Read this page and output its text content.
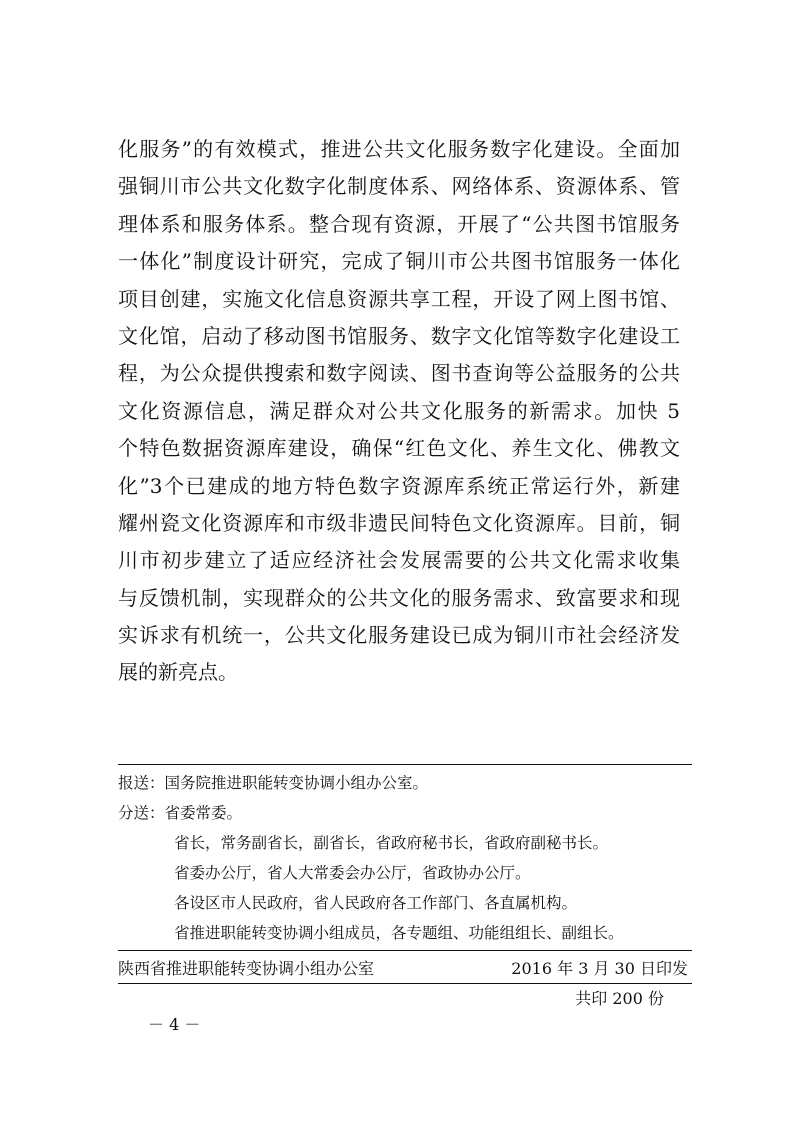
化服务”的有效模式，推进公共文化服务数字化建设。全面加
强铜川市公共文化数字化制度体系、网络体系、资源体系、管
理体系和服务体系。整合现有资源，开展了“公共图书馆服务
一体化”制度设计研究，完成了铜川市公共图书馆服务一体化
项目创建，实施文化信息资源共享工程，开设了网上图书馆、
文化馆，启动了移动图书馆服务、数字文化馆等数字化建设工
程，为公众提供搜索和数字阅读、图书查询等公益服务的公共
文化资源信息，满足群众对公共文化服务的新需求。加快 5
个特色数据资源库建设，确保“红色文化、养生文化、佛教文
化”3个已建成的地方特色数字资源库系统正常运行外，新建
耀州瓷文化资源库和市级非遗民间特色文化资源库。目前，铜
川市初步建立了适应经济社会发展需要的公共文化需求收集
与反馈机制，实现群众的公共文化的服务需求、致富要求和现
实诉求有机统一，公共文化服务建设已成为铜川市社会经济发
展的新亮点。
报送：国务院推进职能转变协调小组办公室。
分送：省委常委。
省长，常务副省长，副省长，省政府秘书长，省政府副秘书长。
省委办公厅，省人大常委会办公厅，省政协办公厅。
各设区市人民政府，省人民政府各工作部门、各直属机构。
省推进职能转变协调小组成员，各专题组、功能组组长、副组长。
陕西省推进职能转变协调小组办公室	2016 年 3 月 30 日印发
共印 200 份
－ 4 －
